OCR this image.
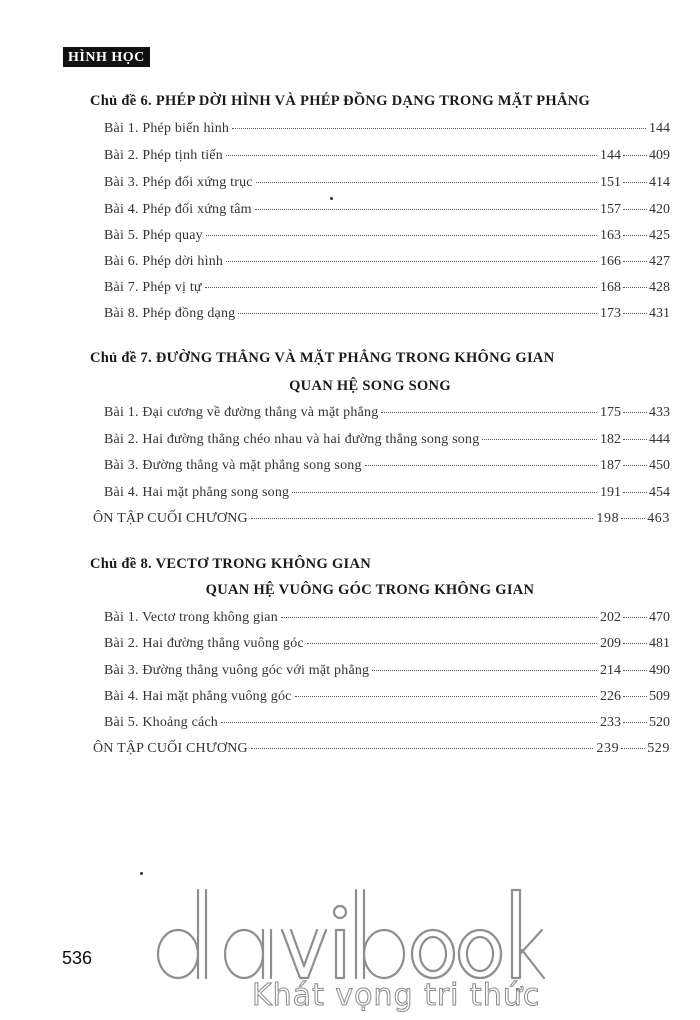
HÌNH HỌC
Chủ đề 6. PHÉP DỜI HÌNH VÀ PHÉP ĐỒNG DẠNG TRONG MẶT PHẲNG
Bài 1. Phép biến hình	144
Bài 2. Phép tịnh tiến	144 409
Bài 3. Phép đối xứng trục	151 414
Bài 4. Phép đối xứng tâm	157 420
Bài 5. Phép quay	163 425
Bài 6. Phép dời hình	166 427
Bài 7. Phép vị tự	168 428
Bài 8. Phép đồng dạng	173 431
Chủ đề 7. ĐƯỜNG THẲNG VÀ MẶT PHẲNG TRONG KHÔNG GIAN
QUAN HỆ SONG SONG
Bài 1. Đại cương về đường thẳng và mặt phẳng	175 433
Bài 2. Hai đường thẳng chéo nhau và hai đường thẳng song song	182 444
Bài 3. Đường thẳng và mặt phẳng song song	187 450
Bài 4. Hai mặt phẳng song song	191 454
ÔN TẬP CUỐI CHƯƠNG	198 463
Chủ đề 8. VECTƠ TRONG KHÔNG GIAN
QUAN HỆ VUÔNG GÓC TRONG KHÔNG GIAN
Bài 1. Vectơ trong không gian	202 470
Bài 2. Hai đường thẳng vuông góc	209 481
Bài 3. Đường thẳng vuông góc với mặt phẳng	214 490
Bài 4. Hai mặt phẳng vuông góc	226 509
Bài 5. Khoảng cách	233 520
ÔN TẬP CUỐI CHƯƠNG	239 529
Khát vọng tri thức
536
